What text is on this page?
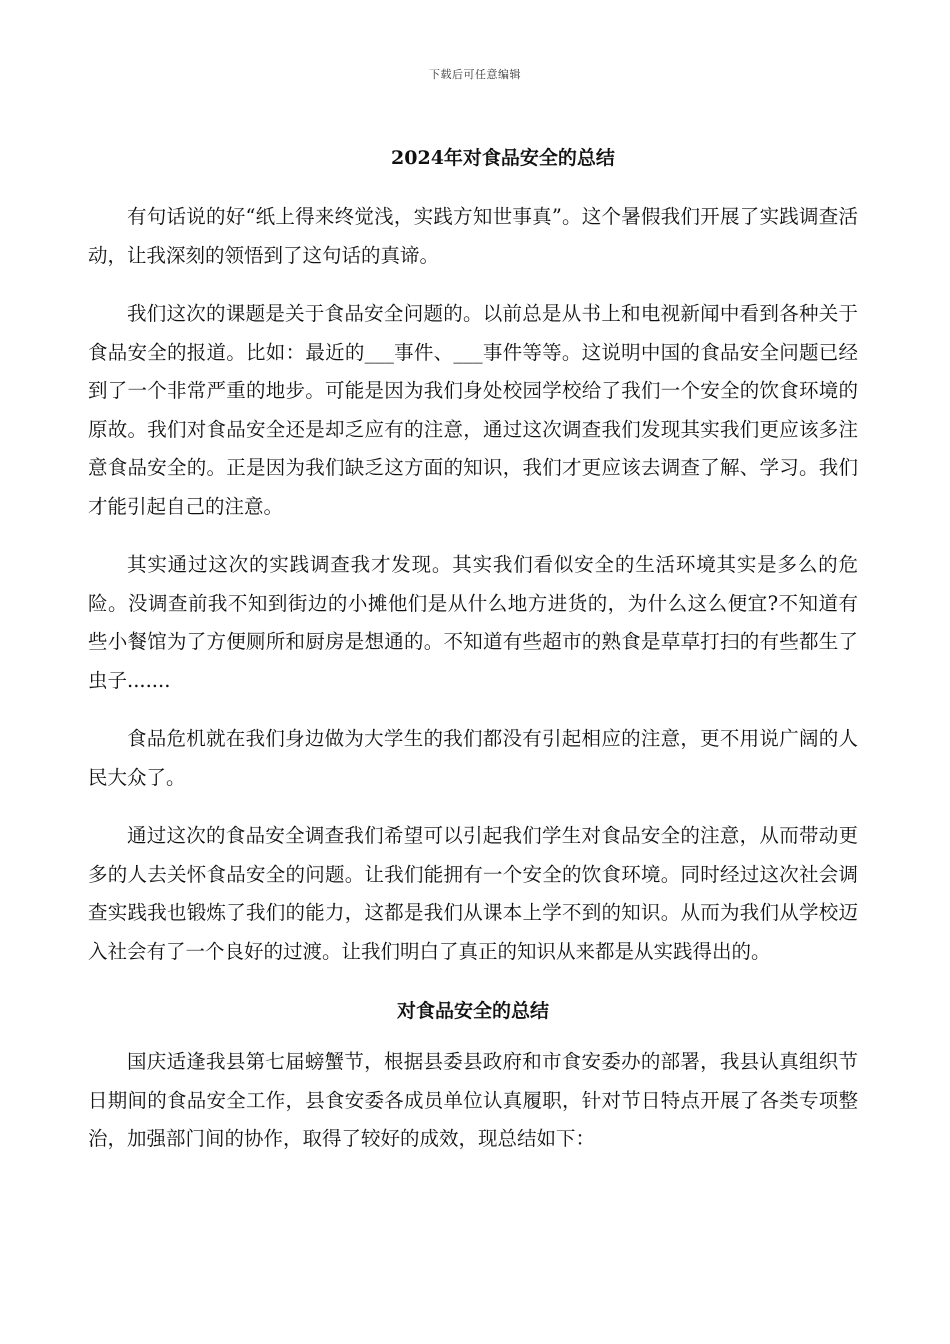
下载后可任意编辑
2024年对食品安全的总结

有句话说的好“纸上得来终觉浅，实践方知世事真”。这个暑假我们开展了实践调查活动，让我深刻的领悟到了这句话的真谛。

我们这次的课题是关于食品安全问题的。以前总是从书上和电视新闻中看到各种关于食品安全的报道。比如：最近的___事件、___事件等等。这说明中国的食品安全问题已经到了一个非常严重的地步。可能是因为我们身处校园学校给了我们一个安全的饮食环境的原故。我们对食品安全还是却乏应有的注意，通过这次调查我们发现其实我们更应该多注意食品安全的。正是因为我们缺乏这方面的知识，我们才更应该去调查了解、学习。我们才能引起自己的注意。

其实通过这次的实践调查我才发现。其实我们看似安全的生活环境其实是多么的危险。没调查前我不知到街边的小摊他们是从什么地方进货的，为什么这么便宜?不知道有些小餐馆为了方便厕所和厨房是想通的。不知道有些超市的熟食是草草打扫的有些都生了虫子.......

食品危机就在我们身边做为大学生的我们都没有引起相应的注意，更不用说广阔的人民大众了。

通过这次的食品安全调查我们希望可以引起我们学生对食品安全的注意，从而带动更多的人去关怀食品安全的问题。让我们能拥有一个安全的饮食环境。同时经过这次社会调查实践我也锻炼了我们的能力，这都是我们从课本上学不到的知识。从而为我们从学校迈入社会有了一个良好的过渡。让我们明白了真正的知识从来都是从实践得出的。

对食品安全的总结

国庆适逢我县第七届螃蟹节，根据县委县政府和市食安委办的部署，我县认真组织节日期间的食品安全工作，县食安委各成员单位认真履职，针对节日特点开展了各类专项整治，加强部门间的协作，取得了较好的成效，现总结如下：
